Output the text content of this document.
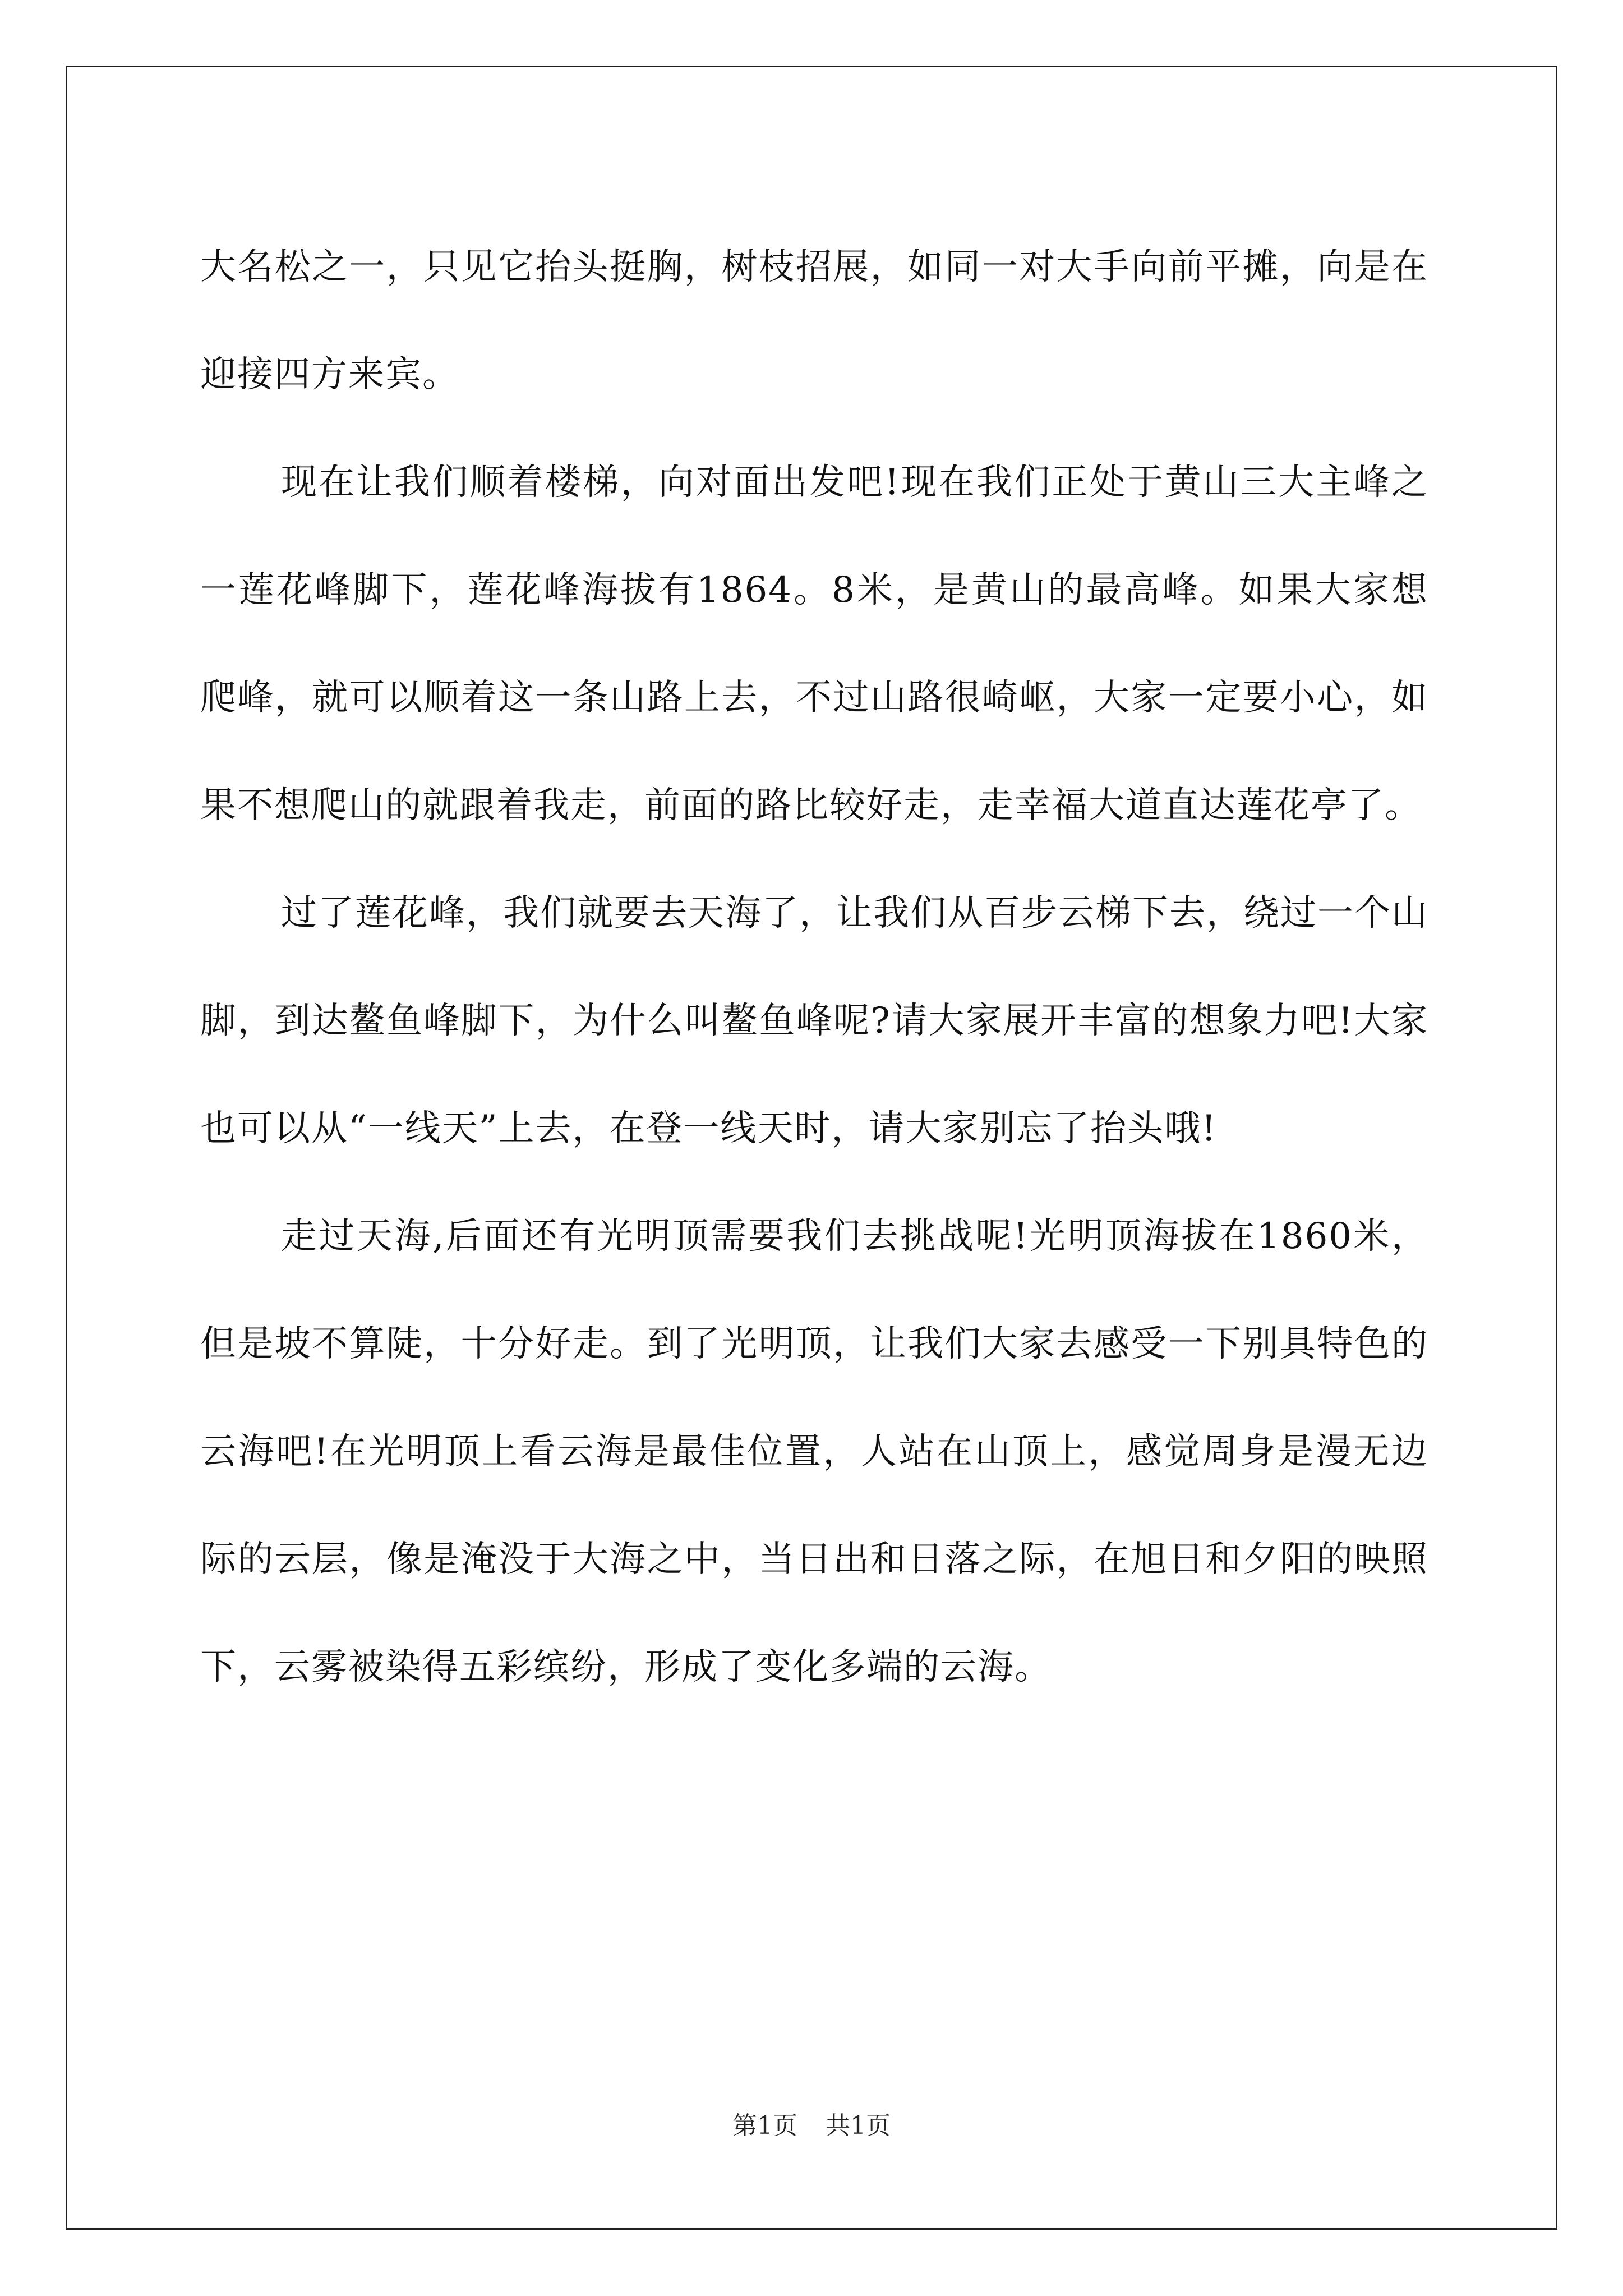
大名松之一，只见它抬头挺胸，树枝招展，如同一对大手向前平摊，向是在迎接四方来宾。

现在让我们顺着楼梯，向对面出发吧!现在我们正处于黄山三大主峰之一莲花峰脚下，莲花峰海拔有1864。8米，是黄山的最高峰。如果大家想爬峰，就可以顺着这一条山路上去，不过山路很崎岖，大家一定要小心，如果不想爬山的就跟着我走，前面的路比较好走，走幸福大道直达莲花亭了。

过了莲花峰，我们就要去天海了，让我们从百步云梯下去，绕过一个山脚，到达鳌鱼峰脚下，为什么叫鳌鱼峰呢?请大家展开丰富的想象力吧!大家也可以从“一线天”上去，在登一线天时，请大家别忘了抬头哦!

走过天海,后面还有光明顶需要我们去挑战呢!光明顶海拔在1860米，但是坡不算陡，十分好走。到了光明顶，让我们大家去感受一下别具特色的云海吧!在光明顶上看云海是最佳位置，人站在山顶上，感觉周身是漫无边际的云层，像是淹没于大海之中，当日出和日落之际，在旭日和夕阳的映照下，云雾被染得五彩缤纷，形成了变化多端的云海。

第1页 共1页
